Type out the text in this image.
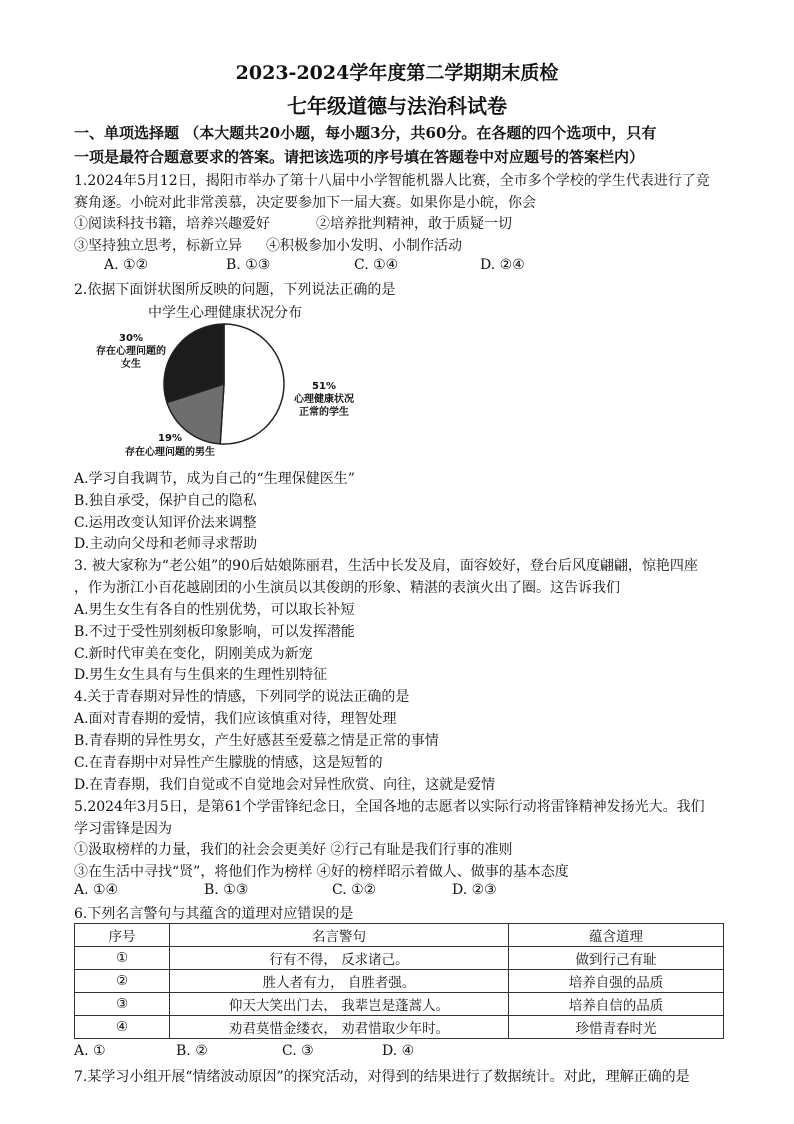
2023-2024学年度第二学期期末质检
七年级道德与法治科试卷
一、单项选择题 （本大题共20小题，每小题3分，共60分。在各题的四个选项中，只有
一项是最符合题意要求的答案。请把该选项的序号填在答题卷中对应题号的答案栏内）
1.2024年5月12日，揭阳市举办了第十八届中小学智能机器人比赛，全市多个学校的学生代表进行了竞
赛角逐。小皖对此非常羡慕，决定要参加下一届大赛。如果你是小皖，你会
①阅读科技书籍，培养兴趣爱好	②培养批判精神，敢于质疑一切
③坚持独立思考，标新立异 ④积极参加小发明、小制作活动
A. ①②	B. ①③	C. ①④	D. ②④
2.依据下面饼状图所反映的问题，下列说法正确的是
中学生心理健康状况分布
30%
存在心理问题的
女生
51%
心理健康状况
正常的学生
19%
存在心理问题的男生
A.学习自我调节，成为自己的“生理保健医生”
B.独自承受，保护自己的隐私
C.运用改变认知评价法来调整
D.主动向父母和老师寻求帮助
3. 被大家称为“老公姐”的90后姑娘陈丽君，生活中长发及肩，面容姣好，登台后风度翩翩，惊艳四座
，作为浙江小百花越剧团的小生演员以其俊朗的形象、精湛的表演火出了圈。这告诉我们
A.男生女生有各自的性别优势，可以取长补短
B.不过于受性别刻板印象影响，可以发挥潜能
C.新时代审美在变化，阴刚美成为新宠
D.男生女生具有与生俱来的生理性别特征
4.关于青春期对异性的情感，下列同学的说法正确的是
A.面对青春期的爱情，我们应该慎重对待，理智处理
B.青春期的异性男女，产生好感甚至爱慕之情是正常的事情
C.在青春期中对异性产生朦胧的情感，这是短暂的
D.在青春期，我们自觉或不自觉地会对异性欣赏、向往，这就是爱情
5.2024年3月5日，是第61个学雷锋纪念日，全国各地的志愿者以实际行动将雷锋精神发扬光大。我们
学习雷锋是因为
①汲取榜样的力量，我们的社会会更美好 ②行己有耻是我们行事的准则
③在生活中寻找“贤”，将他们作为榜样 ④好的榜样昭示着做人、做事的基本态度
A. ①④	B. ①③	C. ①②	D. ②③
6.下列名言警句与其蕴含的道理对应错误的是
序号	名言警句	蕴含道理
①	行有不得， 反求诸己。	做到行己有耻
②	胜人者有力， 自胜者强。	培养自强的品质
③	仰天大笑出门去， 我辈岂是蓬蒿人。	培养自信的品质
④	劝君莫惜金缕衣， 劝君惜取少年时。	珍惜青春时光
A. ①	B. ②	C. ③	D. ④
7.某学习小组开展“情绪波动原因”的探究活动，对得到的结果进行了数据统计。对此，理解正确的是
